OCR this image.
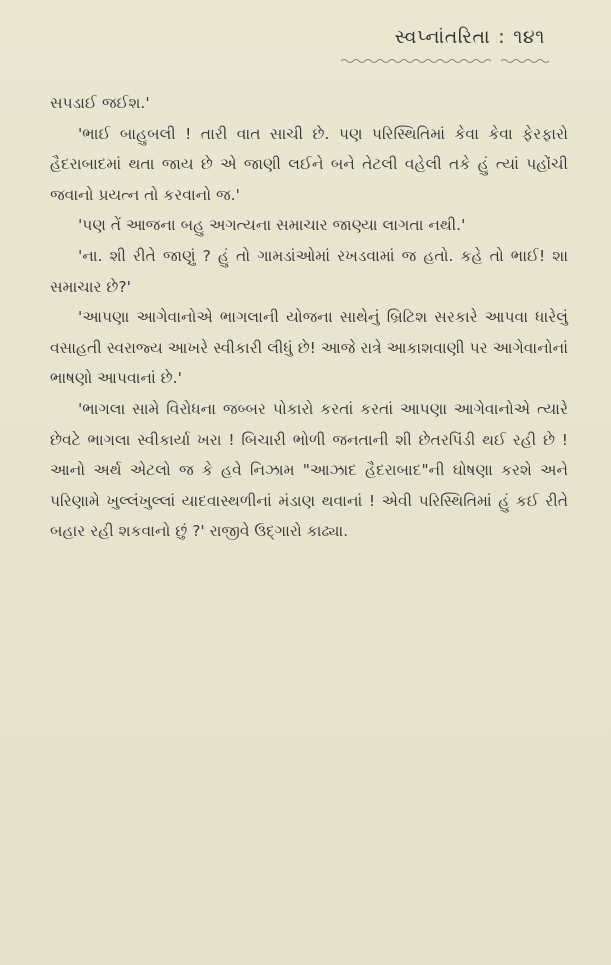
સ્વપ્નાંતરિતા : ૧૪૧

સપડાઈ જઈશ.'

'ભાઈ બાહુબલી ! તારી વાત સાચી છે. પણ પરિસ્થિતિમાં કેવા કેવા ફેરફારો હૈદરાબાદમાં થતા જાય છે એ જાણી લઈને બને તેટલી વહેલી તકે હું ત્યાં પહોંચી જવાનો પ્રયત્ન તો કરવાનો જ.'

'પણ તેં આજના બહુ અગત્યના સમાચાર જાણ્યા લાગતા નથી.'

'ના. શી રીતે જાણું ? હું તો ગામડાંઓમાં રખડવામાં જ હતો. કહે તો ભાઈ! શા સમાચાર છે?'

'આપણા આગેવાનોએ ભાગલાની યોજના સાથેનું બ્રિટિશ સરકારે આપવા ધારેલું વસાહતી સ્વરાજ્ય આખરે સ્વીકારી લીધું છે! આજે રાત્રે આકાશવાણી પર આગેવાનોનાં ભાષણો આપવાનાં છે.'

'ભાગલા સામે વિરોધના જબ્બર પોકારો કરતાં કરતાં આપણા આગેવાનોએ ત્યારે છેવટે ભાગલા સ્વીકાર્યા ખરા ! બિચારી ભોળી જનતાની શી છેતરપિંડી થઈ રહી છે ! આનો અર્થ એટલો જ કે હવે નિઝામ "આઝાદ હૈદરાબાદ"ની ઘોષણા કરશે અને પરિણામે ખુલ્લંખુલ્લાં યાદવાસ્થળીનાં મંડાણ થવાનાં ! એવી પરિસ્થિતિમાં હું કઈ રીતે બહાર રહી શકવાનો છું ?' રાજીવે ઉદ્ગારો કાઢ્યા.
